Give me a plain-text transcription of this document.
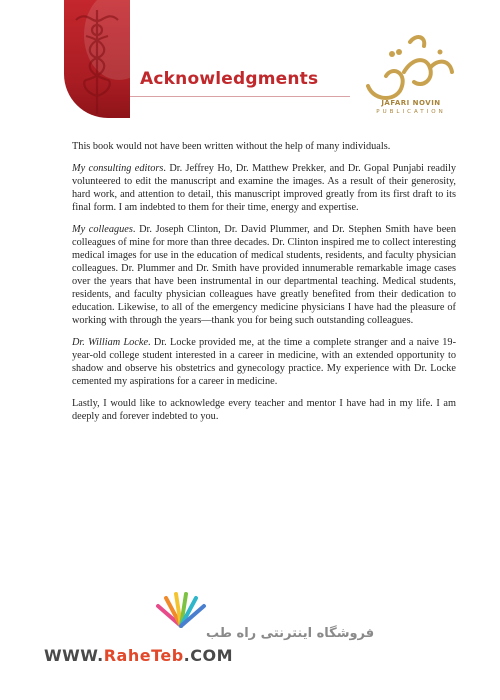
Acknowledgments
JAFARI NOVIN
PUBLICATION

This book would not have been written without the help of many individuals.

My consulting editors. Dr. Jeffrey Ho, Dr. Matthew Prekker, and Dr. Gopal Punjabi readily volunteered to edit the manuscript and examine the images. As a result of their generosity, hard work, and attention to detail, this manuscript improved greatly from its first draft to its final form. I am indebted to them for their time, energy and expertise.

My colleagues. Dr. Joseph Clinton, Dr. David Plummer, and Dr. Stephen Smith have been colleagues of mine for more than three decades. Dr. Clinton inspired me to collect interesting medical images for use in the education of medical students, residents, and faculty physician colleagues. Dr. Plummer and Dr. Smith have provided innumerable remarkable image cases over the years that have been instrumental in our departmental teaching. Medical students, residents, and faculty physician colleagues have greatly benefited from their dedication to education. Likewise, to all of the emergency medicine physicians I have had the pleasure of working with through the years—thank you for being such outstanding colleagues.

Dr. William Locke. Dr. Locke provided me, at the time a complete stranger and a naive 19-year-old college student interested in a career in medicine, with an extended opportunity to shadow and observe his obstetrics and gynecology practice. My experience with Dr. Locke cemented my aspirations for a career in medicine.

Lastly, I would like to acknowledge every teacher and mentor I have had in my life. I am deeply and forever indebted to you.

فروشگاه اینترنتی راه طب
WWW.RaheTeb.COM
